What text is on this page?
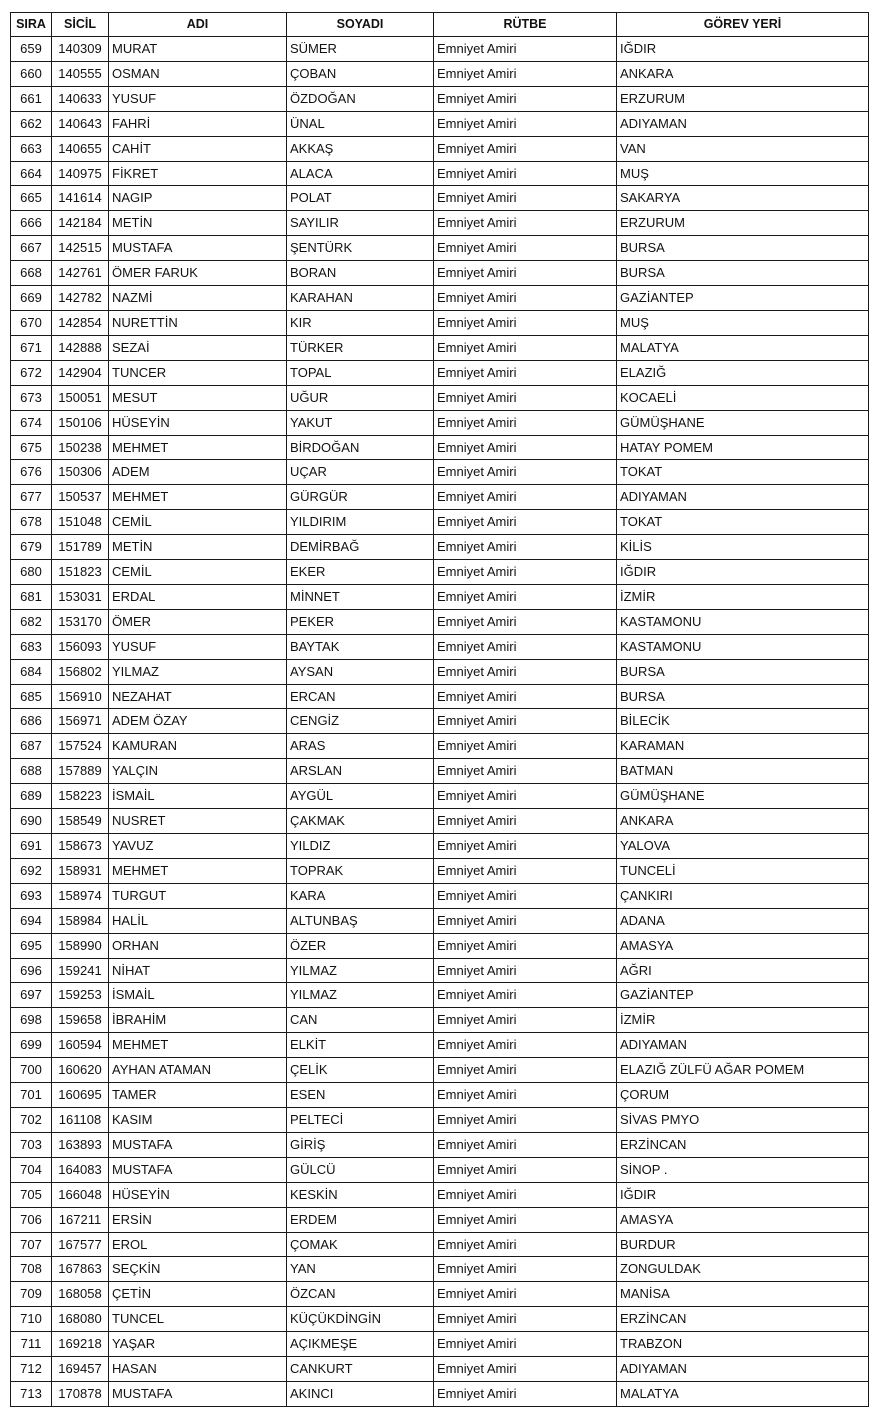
SIRA	SİCİL	ADI	SOYADI	RÜTBE	GÖREV YERİ
659	140309	MURAT	SÜMER	Emniyet Amiri	IĞDIR
660	140555	OSMAN	ÇOBAN	Emniyet Amiri	ANKARA
661	140633	YUSUF	ÖZDOĞAN	Emniyet Amiri	ERZURUM
662	140643	FAHRİ	ÜNAL	Emniyet Amiri	ADIYAMAN
663	140655	CAHİT	AKKAŞ	Emniyet Amiri	VAN
664	140975	FİKRET	ALACA	Emniyet Amiri	MUŞ
665	141614	NAGIP	POLAT	Emniyet Amiri	SAKARYA
666	142184	METİN	SAYILIR	Emniyet Amiri	ERZURUM
667	142515	MUSTAFA	ŞENTÜRK	Emniyet Amiri	BURSA
668	142761	ÖMER FARUK	BORAN	Emniyet Amiri	BURSA
669	142782	NAZMİ	KARAHAN	Emniyet Amiri	GAZİANTEP
670	142854	NURETTİN	KIR	Emniyet Amiri	MUŞ
671	142888	SEZAİ	TÜRKER	Emniyet Amiri	MALATYA
672	142904	TUNCER	TOPAL	Emniyet Amiri	ELAZIĞ
673	150051	MESUT	UĞUR	Emniyet Amiri	KOCAELİ
674	150106	HÜSEYİN	YAKUT	Emniyet Amiri	GÜMÜŞHANE
675	150238	MEHMET	BİRDOĞAN	Emniyet Amiri	HATAY POMEM
676	150306	ADEM	UÇAR	Emniyet Amiri	TOKAT
677	150537	MEHMET	GÜRGÜR	Emniyet Amiri	ADIYAMAN
678	151048	CEMİL	YILDIRIM	Emniyet Amiri	TOKAT
679	151789	METİN	DEMİRBAĞ	Emniyet Amiri	KİLİS
680	151823	CEMİL	EKER	Emniyet Amiri	IĞDIR
681	153031	ERDAL	MİNNET	Emniyet Amiri	İZMİR
682	153170	ÖMER	PEKER	Emniyet Amiri	KASTAMONU
683	156093	YUSUF	BAYTAK	Emniyet Amiri	KASTAMONU
684	156802	YILMAZ	AYSAN	Emniyet Amiri	BURSA
685	156910	NEZAHAT	ERCAN	Emniyet Amiri	BURSA
686	156971	ADEM ÖZAY	CENGİZ	Emniyet Amiri	BİLECİK
687	157524	KAMURAN	ARAS	Emniyet Amiri	KARAMAN
688	157889	YALÇIN	ARSLAN	Emniyet Amiri	BATMAN
689	158223	İSMAİL	AYGÜL	Emniyet Amiri	GÜMÜŞHANE
690	158549	NUSRET	ÇAKMAK	Emniyet Amiri	ANKARA
691	158673	YAVUZ	YILDIZ	Emniyet Amiri	YALOVA
692	158931	MEHMET	TOPRAK	Emniyet Amiri	TUNCELİ
693	158974	TURGUT	KARA	Emniyet Amiri	ÇANKIRI
694	158984	HALİL	ALTUNBAŞ	Emniyet Amiri	ADANA
695	158990	ORHAN	ÖZER	Emniyet Amiri	AMASYA
696	159241	NİHAT	YILMAZ	Emniyet Amiri	AĞRI
697	159253	İSMAİL	YILMAZ	Emniyet Amiri	GAZİANTEP
698	159658	İBRAHİM	CAN	Emniyet Amiri	İZMİR
699	160594	MEHMET	ELKİT	Emniyet Amiri	ADIYAMAN
700	160620	AYHAN ATAMAN	ÇELİK	Emniyet Amiri	ELAZIĞ ZÜLFÜ AĞAR POMEM
701	160695	TAMER	ESEN	Emniyet Amiri	ÇORUM
702	161108	KASIM	PELTECİ	Emniyet Amiri	SİVAS PMYO
703	163893	MUSTAFA	GİRİŞ	Emniyet Amiri	ERZİNCAN
704	164083	MUSTAFA	GÜLCÜ	Emniyet Amiri	SİNOP .
705	166048	HÜSEYİN	KESKİN	Emniyet Amiri	IĞDIR
706	167211	ERSİN	ERDEM	Emniyet Amiri	AMASYA
707	167577	EROL	ÇOMAK	Emniyet Amiri	BURDUR
708	167863	SEÇKİN	YAN	Emniyet Amiri	ZONGULDAK
709	168058	ÇETİN	ÖZCAN	Emniyet Amiri	MANİSA
710	168080	TUNCEL	KÜÇÜKDİNGİN	Emniyet Amiri	ERZİNCAN
711	169218	YAŞAR	AÇIKMEŞE	Emniyet Amiri	TRABZON
712	169457	HASAN	CANKURT	Emniyet Amiri	ADIYAMAN
713	170878	MUSTAFA	AKINCI	Emniyet Amiri	MALATYA
